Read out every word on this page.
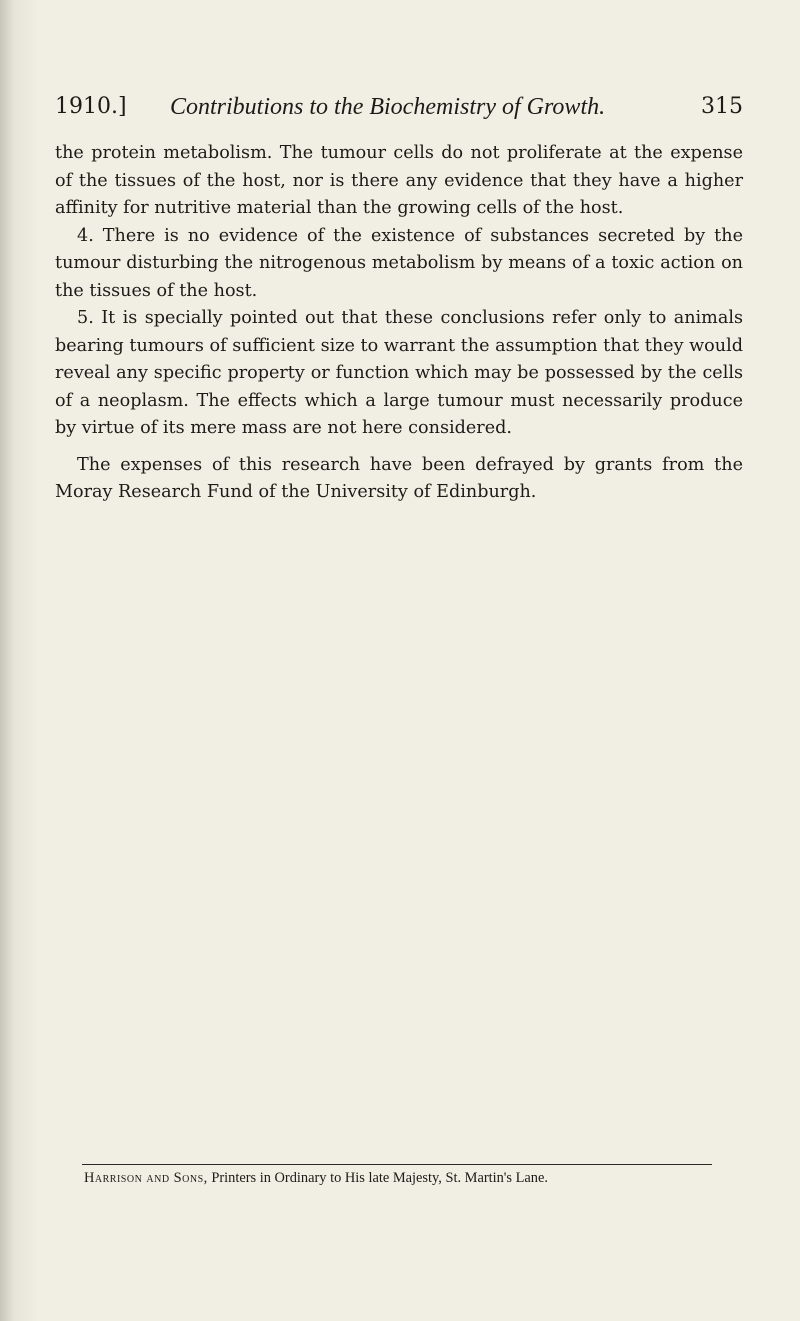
1910.] Contributions to the Biochemistry of Growth.	315

the protein metabolism. The tumour cells do not proliferate at the expense of the tissues of the host, nor is there any evidence that they have a higher affinity for nutritive material than the growing cells of the host.

4. There is no evidence of the existence of substances secreted by the tumour disturbing the nitrogenous metabolism by means of a toxic action on the tissues of the host.

5. It is specially pointed out that these conclusions refer only to animals bearing tumours of sufficient size to warrant the assumption that they would reveal any specific property or function which may be possessed by the cells of a neoplasm. The effects which a large tumour must necessarily produce by virtue of its mere mass are not here considered.

The expenses of this research have been defrayed by grants from the Moray Research Fund of the University of Edinburgh.

Harrison and Sons, Printers in Ordinary to His late Majesty, St. Martin's Lane.
